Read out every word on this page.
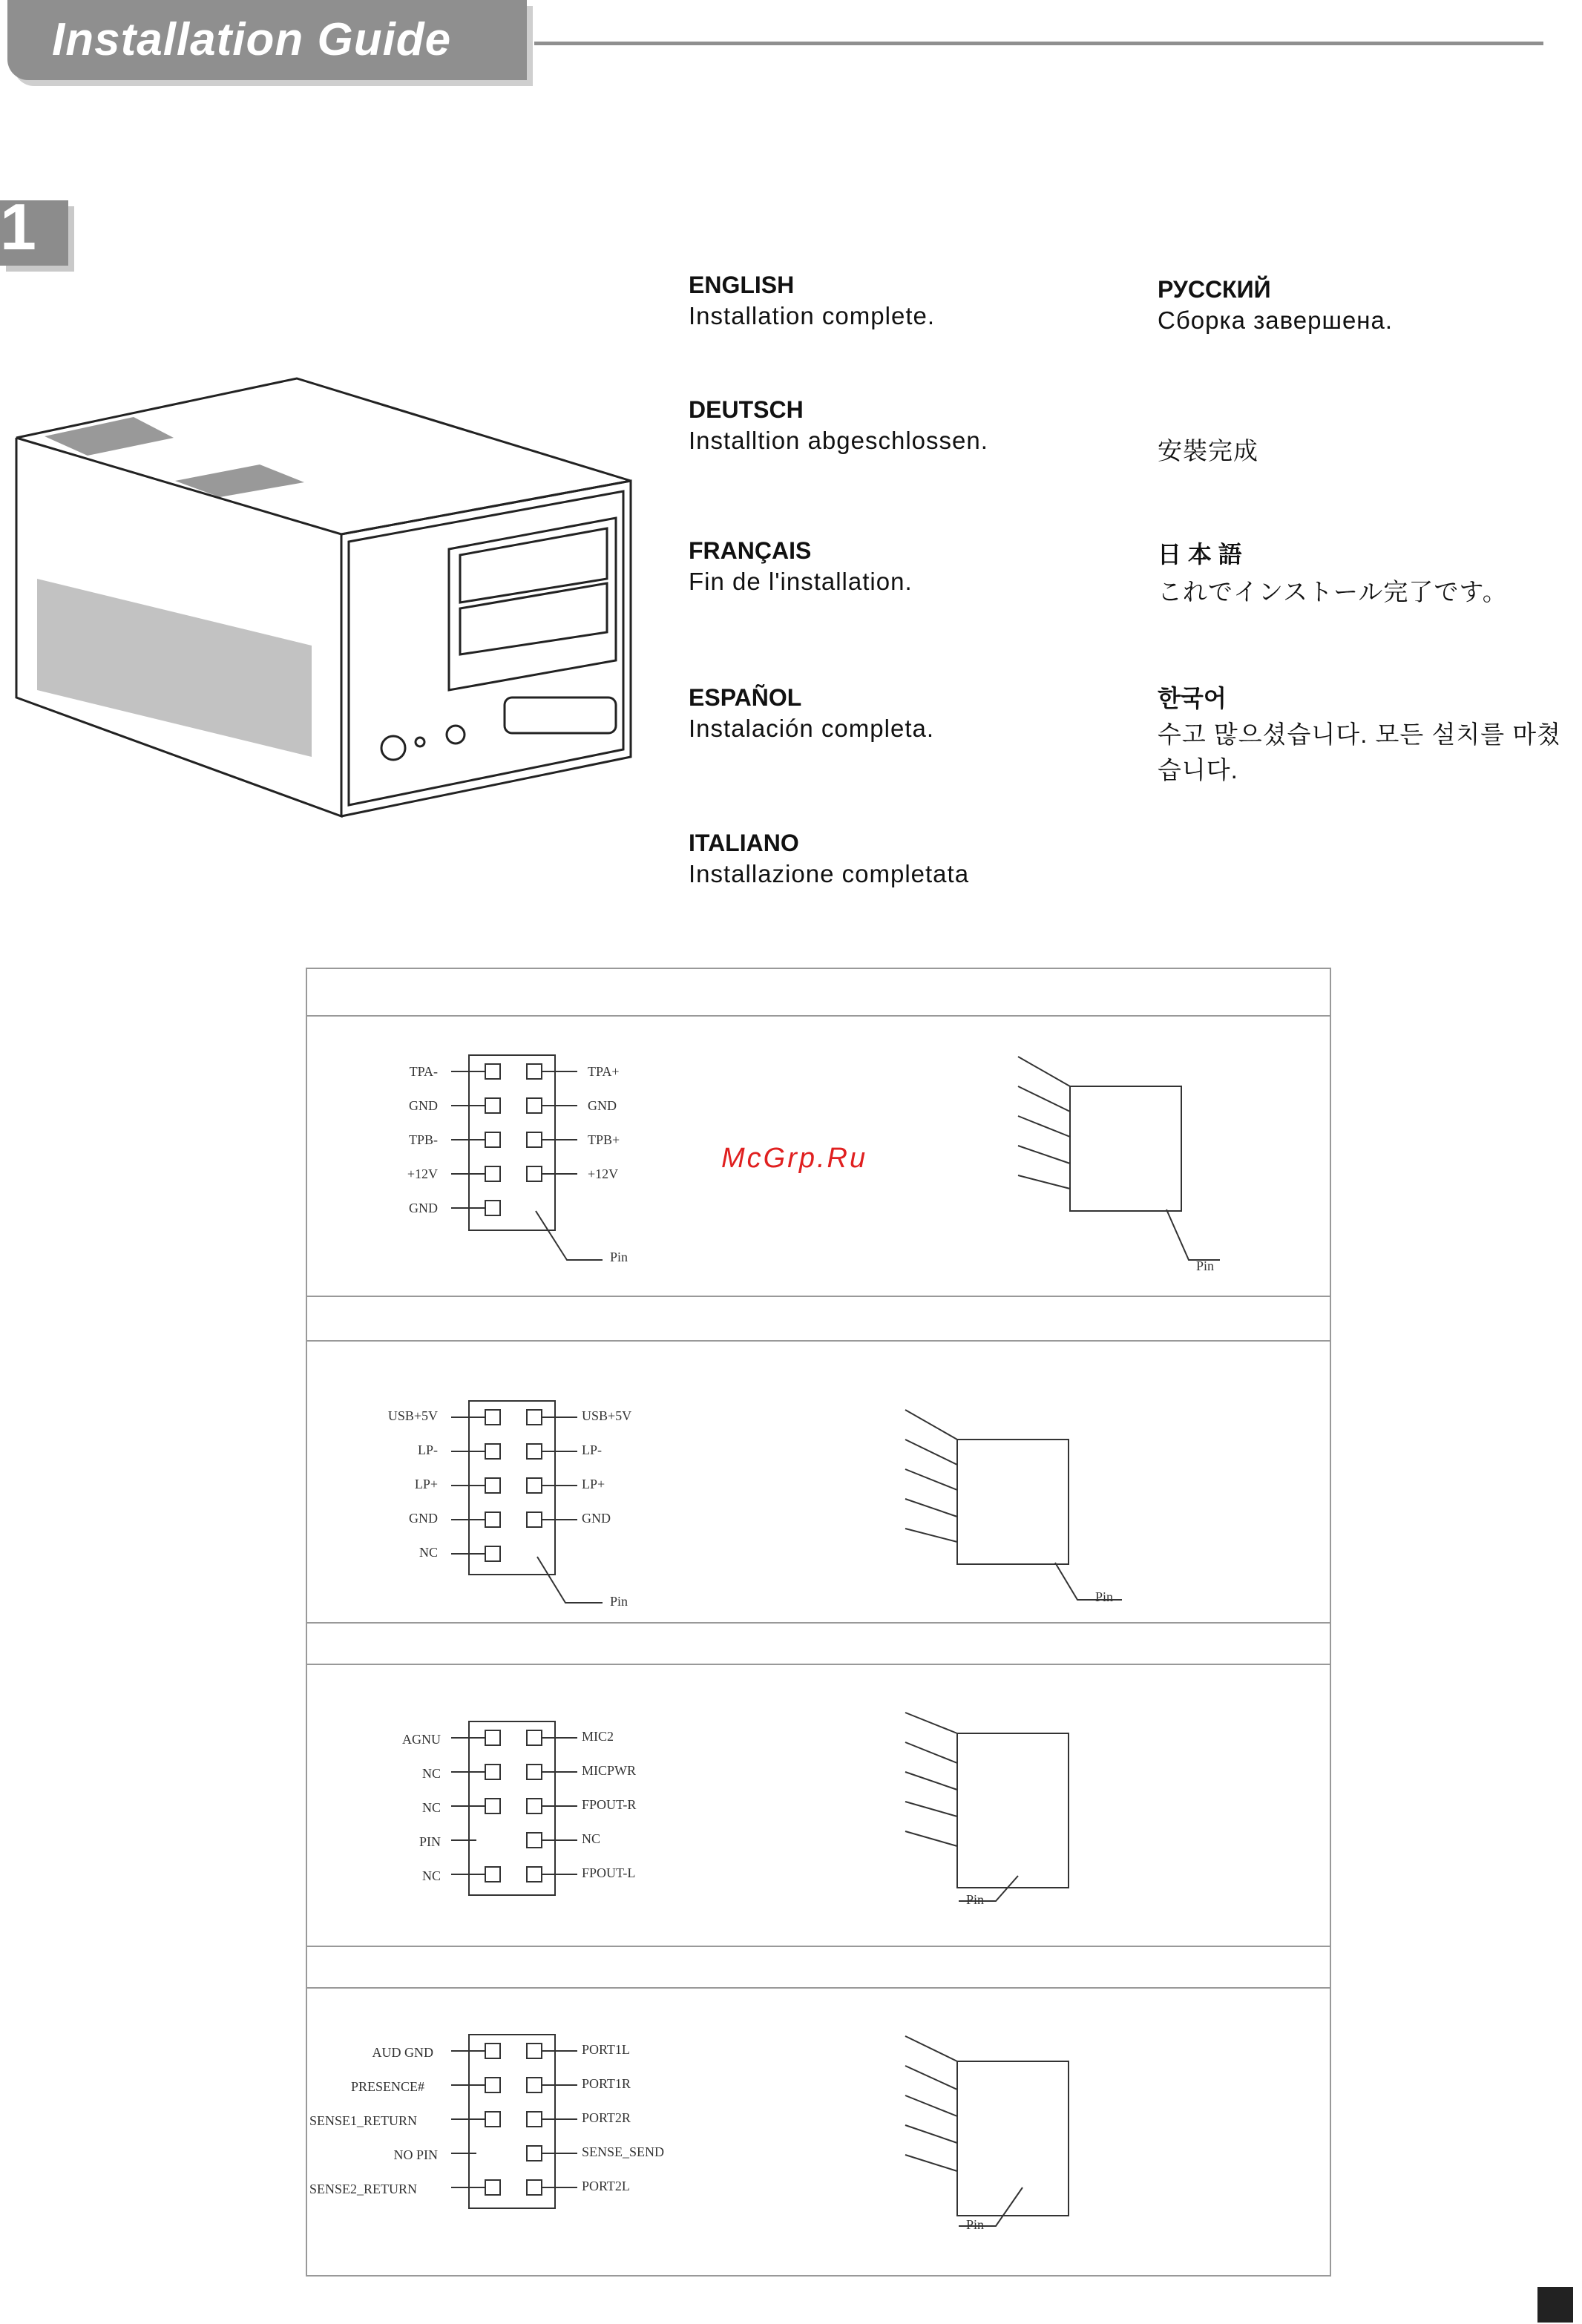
Installation Guide
1
ENGLISH
Installation complete.
DEUTSCH
Installtion abgeschlossen.
FRANÇAIS
Fin de l'installation.
ESPAÑOL
Instalación completa.
ITALIANO
Installazione completata
РУССКИЙ
Сборка завершена.
安裝完成
日 本 語
これでインストール完了です。
한국어
수고 많으셨습니다. 모든 설치를 마쳤습니다.
McGrp.Ru
TPA-
GND
TPB-
+12V
GND
TPA+
GND
TPB+
+12V
Pin
Pin
USB+5V
LP-
LP+
GND
NC
USB+5V
LP-
LP+
GND
Pin	Pin
AGNU
NC
NC
PIN
NC
MIC2
MICPWR
FPOUT-R
NC
FPOUT-L
Pin
AUD GND
PRESENCE#
SENSE1_RETURN
NO PIN
SENSE2_RETURN
PORT1L
PORT1R
PORT2R
SENSE_SEND
PORT2L
Pin
